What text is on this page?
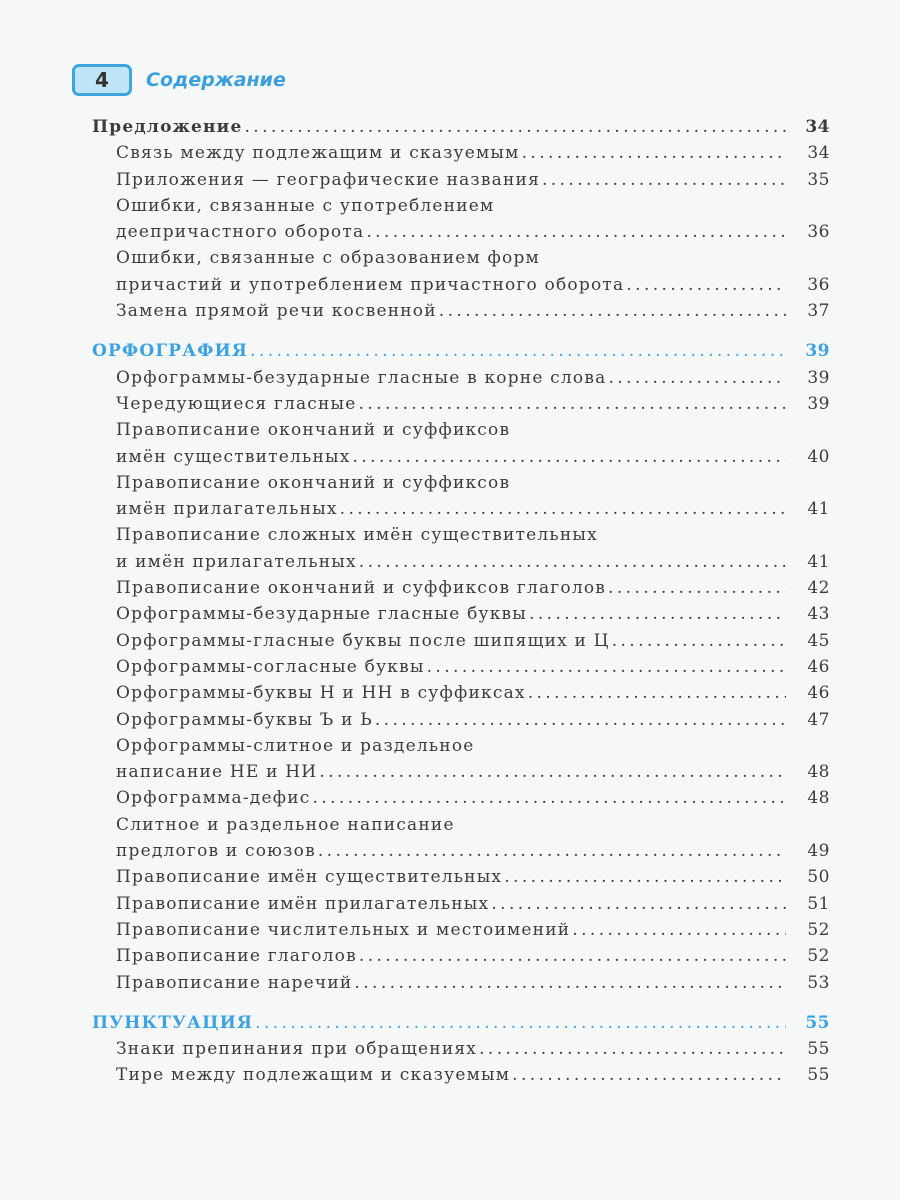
4	Содержание
Предложение . . .	34
Связь между подлежащим и сказуемым . . .	34
Приложения — географические названия . . .	35
Ошибки, связанные с употреблением
деепричастного оборота . . .	36
Ошибки, связанные с образованием форм
причастий и употреблением причастного оборота . . .	36
Замена прямой речи косвенной . . .	37
ОРФОГРАФИЯ . . .	39
Орфограммы-безударные гласные в корне слова . . .	39
Чередующиеся гласные . . .	39
Правописание окончаний и суффиксов
имён существительных . . .	40
Правописание окончаний и суффиксов
имён прилагательных . . .	41
Правописание сложных имён существительных
и имён прилагательных . . .	41
Правописание окончаний и суффиксов глаголов . . .	42
Орфограммы-безударные гласные буквы . . .	43
Орфограммы-гласные буквы после шипящих и Ц . . .	45
Орфограммы-согласные буквы . . .	46
Орфограммы-буквы Н и НН в суффиксах . . .	46
Орфограммы-буквы Ъ и Ь . . .	47
Орфограммы-слитное и раздельное
написание НЕ и НИ . . .	48
Орфограмма-дефис . . .	48
Слитное и раздельное написание
предлогов и союзов . . .	49
Правописание имён существительных . . .	50
Правописание имён прилагательных . . .	51
Правописание числительных и местоимений . . .	52
Правописание глаголов . . .	52
Правописание наречий . . .	53
ПУНКТУАЦИЯ . . .	55
Знаки препинания при обращениях . . .	55
Тире между подлежащим и сказуемым . . .	55
